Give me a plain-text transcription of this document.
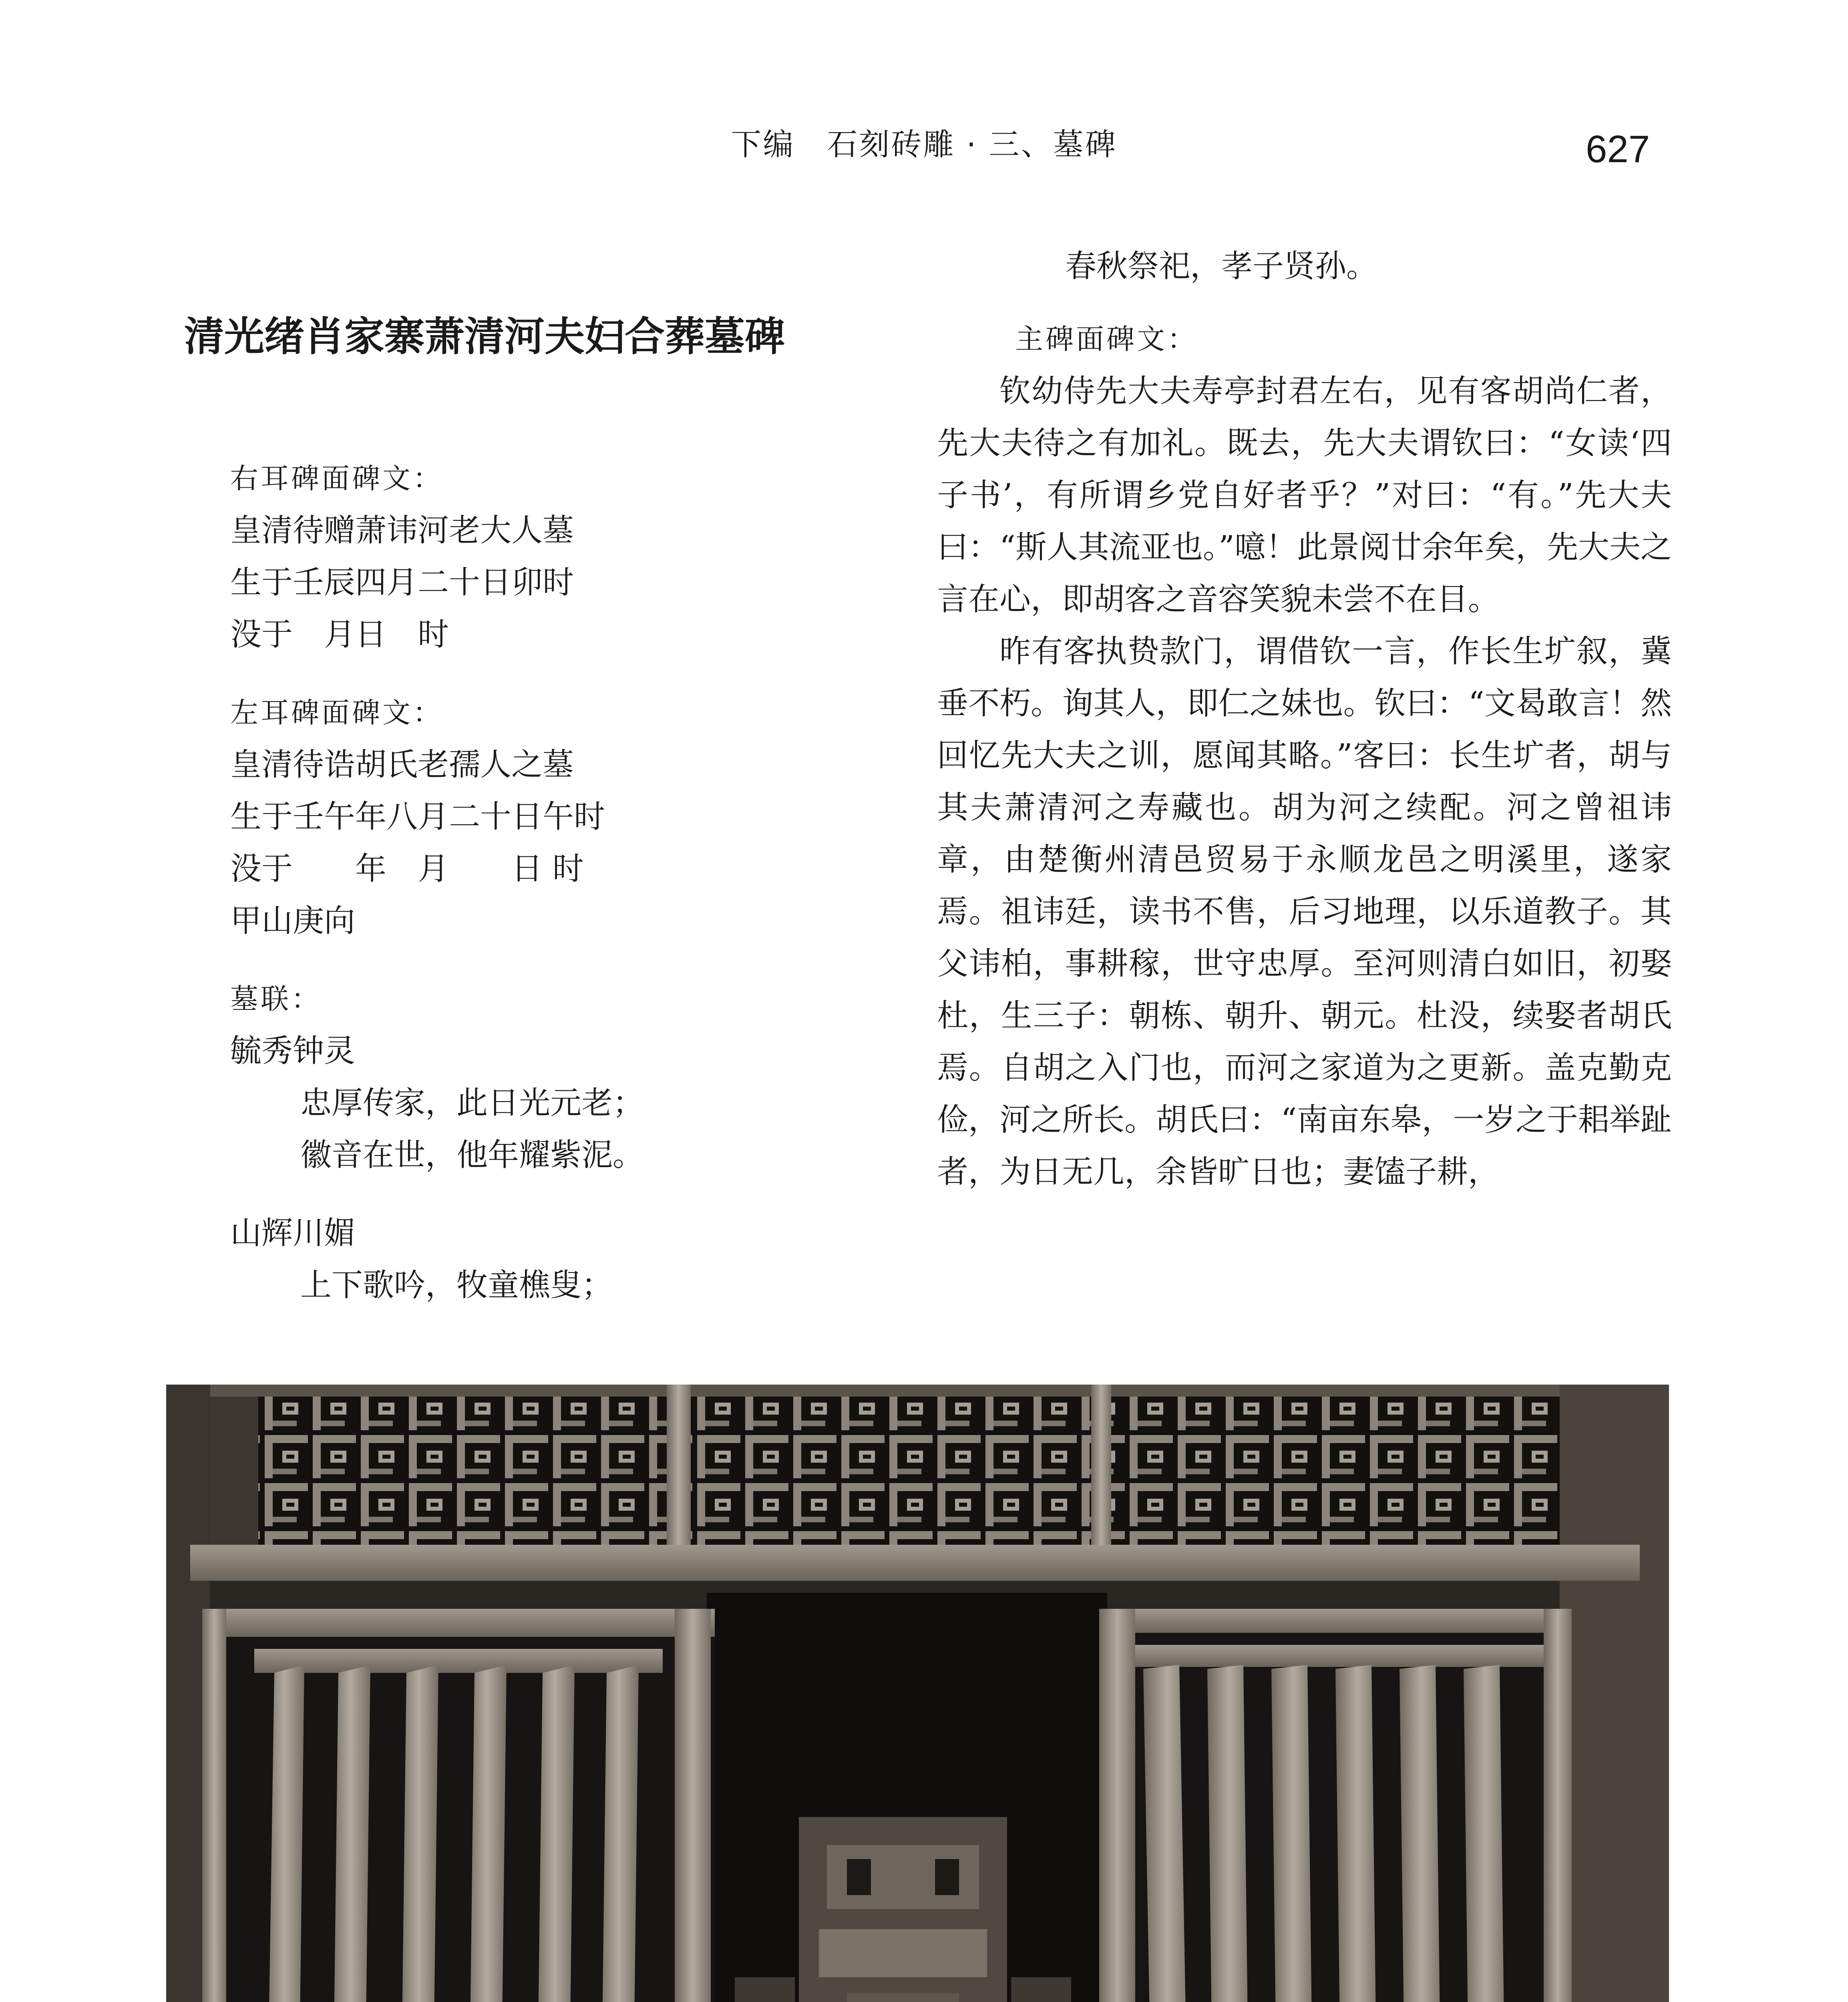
下编　石刻砖雕 · 三、墓碑	627
清光绪肖家寨萧清河夫妇合葬墓碑
右耳碑面碑文：
皇清待赠萧讳河老大人墓
生于壬辰四月二十日卯时
没于　月日　时
左耳碑面碑文：
皇清待诰胡氏老孺人之墓
生于壬午年八月二十日午时
没于　　年　月　　日 时
甲山庚向
墓联：
毓秀钟灵
忠厚传家，此日光元老；
徽音在世，他年耀紫泥。
山辉川媚
上下歌吟，牧童樵叟；
春秋祭祀，孝子贤孙。
主碑面碑文：

钦幼侍先大夫寿亭封君左右，见有客胡尚仁者，先大夫待之有加礼。既去，先大夫谓钦曰：“女读‘四子书’，有所谓乡党自好者乎？”对曰：“有。”先大夫曰：“斯人其流亚也。”噫！此景阅廿余年矣，先大夫之言在心，即胡客之音容笑貌未尝不在目。

昨有客执贽款门，谓借钦一言，作长生圹叙，冀垂不朽。询其人，即仁之妹也。钦曰：“文曷敢言！然回忆先大夫之训，愿闻其略。”客曰：长生圹者，胡与其夫萧清河之寿藏也。胡为河之续配。河之曾祖讳章，由楚衡州清邑贸易于永顺龙邑之明溪里，遂家焉。祖讳廷，读书不售，后习地理，以乐道教子。其父讳柏，事耕稼，世守忠厚。至河则清白如旧，初娶杜，生三子：朝栋、朝升、朝元。杜没，续娶者胡氏焉。自胡之入门也，而河之家道为之更新。盖克勤克俭，河之所长。胡氏曰：“南亩东皋，一岁之于耜举趾者，为日无几，余皆旷日也；妻馌子耕，
